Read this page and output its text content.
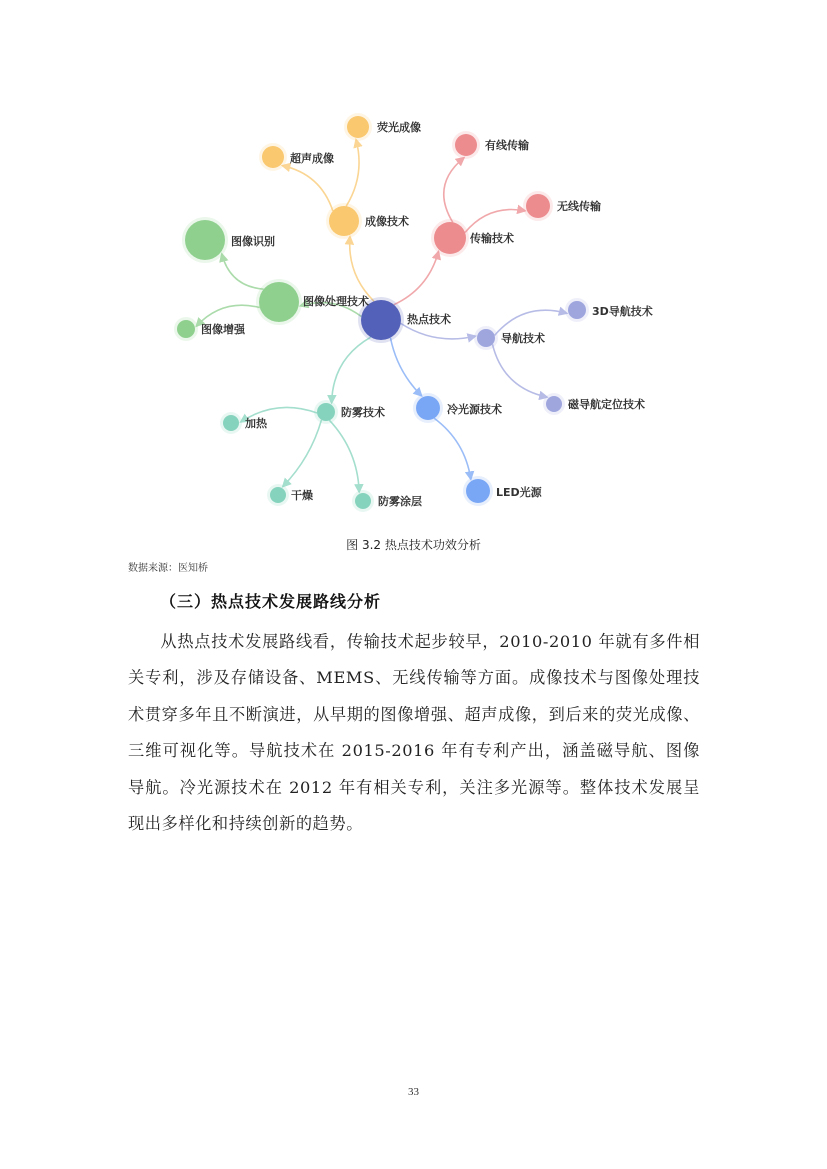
热点技术
成像技术
荧光成像
超声成像
传输技术
有线传输
无线传输
图像处理技术
图像识别
图像增强
导航技术
3D导航技术
磁导航定位技术
冷光源技术
LED光源
防雾技术
加热
干燥	防雾涂层
图 3.2 热点技术功效分析
数据来源：医知桥
（三）热点技术发展路线分析

从热点技术发展路线看，传输技术起步较早，2010-2010 年就有多件相关专利，涉及存储设备、MEMS、无线传输等方面。成像技术与图像处理技术贯穿多年且不断演进，从早期的图像增强、超声成像，到后来的荧光成像、三维可视化等。导航技术在 2015-2016 年有专利产出，涵盖磁导航、图像导航。冷光源技术在 2012 年有相关专利，关注多光源等。整体技术发展呈现出多样化和持续创新的趋势。

33
